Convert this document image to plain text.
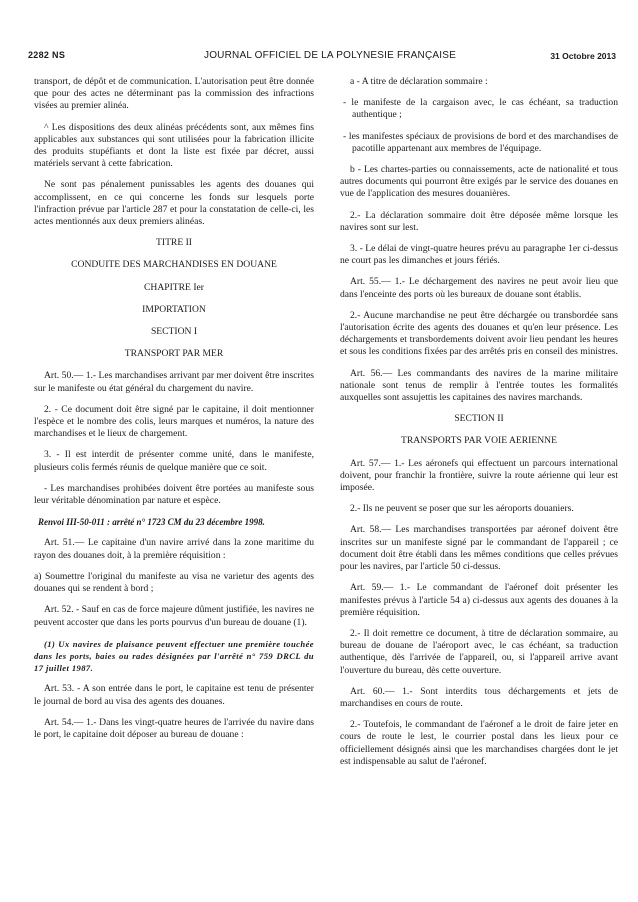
2282 NS	JOURNAL OFFICIEL DE LA POLYNESIE FRANÇAISE	31 Octobre 2013

transport, de dépôt et de communication. L'autorisation peut être donnée que pour des actes ne déterminant pas la commission des infractions visées au premier alinéa.

^ Les dispositions des deux alinéas précédents sont, aux mêmes fins applicables aux substances qui sont utilisées pour la fabrication illicite des produits stupéfiants et dont la liste est fixée par décret, aussi matériels servant à cette fabrication.

Ne sont pas pénalement punissables les agents des douanes qui accomplissent, en ce qui concerne les fonds sur lesquels porte l'infraction prévue par l'article 287 et pour la constatation de celle-ci, les actes mentionnés aux deux premiers alinéas.

TITRE II

CONDUITE DES MARCHANDISES EN DOUANE

CHAPITRE Ier

IMPORTATION

SECTION I

TRANSPORT PAR MER

Art. 50.— 1.- Les marchandises arrivant par mer doivent être inscrites sur le manifeste ou état général du chargement du navire.

2. - Ce document doit être signé par le capitaine, il doit mentionner l'espèce et le nombre des colis, leurs marques et numéros, la nature des marchandises et le lieux de chargement.

3. - Il est interdit de présenter comme unité, dans le manifeste, plusieurs colis fermés réunis de quelque manière que ce soit.

- Les marchandises prohibées doivent être portées au manifeste sous leur véritable dénomination par nature et espèce.

Renvoi III-50-011 : arrêté n° 1723 CM du 23 décembre 1998.

Art. 51.— Le capitaine d'un navire arrivé dans la zone maritime du rayon des douanes doit, à la première réquisition :

a) Soumettre l'original du manifeste au visa ne varietur des agents des douanes qui se rendent à bord ;

Art. 52. - Sauf en cas de force majeure dûment justifiée, les navires ne peuvent accoster que dans les ports pourvus d'un bureau de douane (1).

(1) Ux navires de plaisance peuvent effectuer une première touchée dans les ports, baies ou rades désignées par l'arrêté n° 759 DRCL du 17 juillet 1987.

Art. 53. - A son entrée dans le port, le capitaine est tenu de présenter le journal de bord au visa des agents des douanes.

Art. 54.— 1.- Dans les vingt-quatre heures de l'arrivée du navire dans le port, le capitaine doit déposer au bureau de douane :

a - A titre de déclaration sommaire :

- le manifeste de la cargaison avec, le cas échéant, sa traduction authentique ;

- les manifestes spéciaux de provisions de bord et des marchandises de pacotille appartenant aux membres de l'équipage.

b - Les chartes-parties ou connaissements, acte de nationalité et tous autres documents qui pourront être exigés par le service des douanes en vue de l'application des mesures douanières.

2.- La déclaration sommaire doit être déposée même lorsque les navires sont sur lest.

3. - Le délai de vingt-quatre heures prévu au paragraphe 1er ci-dessus ne court pas les dimanches et jours fériés.

Art. 55.— 1.- Le déchargement des navires ne peut avoir lieu que dans l'enceinte des ports où les bureaux de douane sont établis.

2.- Aucune marchandise ne peut être déchargée ou transbordée sans l'autorisation écrite des agents des douanes et qu'en leur présence. Les déchargements et transbordements doivent avoir lieu pendant les heures et sous les conditions fixées par des arrêtés pris en conseil des ministres.

Art. 56.— Les commandants des navires de la marine militaire nationale sont tenus de remplir à l'entrée toutes les formalités auxquelles sont assujettis les capitaines des navires marchands.

SECTION II

TRANSPORTS PAR VOIE AERIENNE

Art. 57.— 1.- Les aéronefs qui effectuent un parcours international doivent, pour franchir la frontière, suivre la route aérienne qui leur est imposée.

2.- Ils ne peuvent se poser que sur les aéroports douaniers.

Art. 58.— Les marchandises transportées par aéronef doivent être inscrites sur un manifeste signé par le commandant de l'appareil ; ce document doit être établi dans les mêmes conditions que celles prévues pour les navires, par l'article 50 ci-dessus.

Art. 59.— 1.- Le commandant de l'aéronef doit présenter les manifestes prévus à l'article 54 a) ci-dessus aux agents des douanes à la première réquisition.

2.- Il doit remettre ce document, à titre de déclaration sommaire, au bureau de douane de l'aéroport avec, le cas échéant, sa traduction authentique, dès l'arrivée de l'appareil, ou, si l'appareil arrive avant l'ouverture du bureau, dès cette ouverture.

Art. 60.— 1.- Sont interdits tous déchargements et jets de marchandises en cours de route.

2.- Toutefois, le commandant de l'aéronef a le droit de faire jeter en cours de route le lest, le courrier postal dans les lieux pour ce officiellement désignés ainsi que les marchandises chargées dont le jet est indispensable au salut de l'aéronef.
